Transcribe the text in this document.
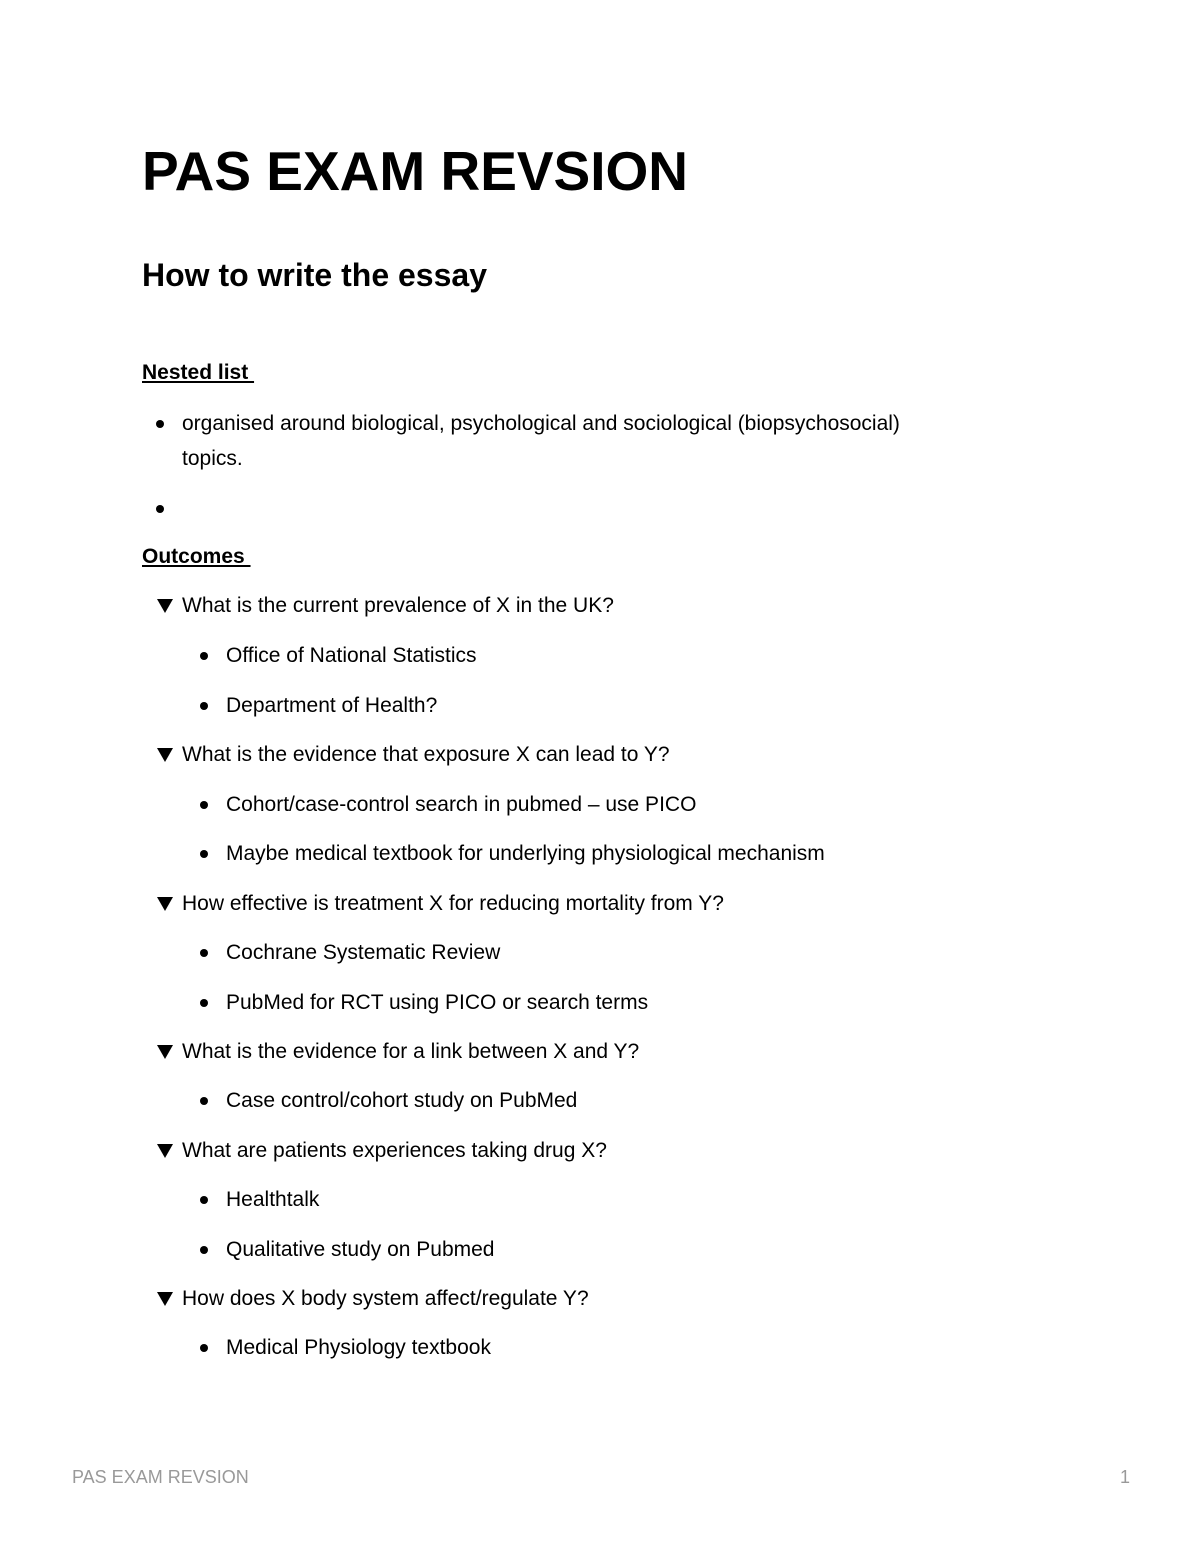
PAS EXAM REVSION
How to write the essay
Nested list
organised around biological, psychological and sociological (biopsychosocial)
topics.
Outcomes
What is the current prevalence of X in the UK?
Office of National Statistics
Department of Health?
What is the evidence that exposure X can lead to Y?
Cohort/case-control search in pubmed – use PICO
Maybe medical textbook for underlying physiological mechanism
How effective is treatment X for reducing mortality from Y?
Cochrane Systematic Review
PubMed for RCT using PICO or search terms
What is the evidence for a link between X and Y?
Case control/cohort study on PubMed
What are patients experiences taking drug X?
Healthtalk
Qualitative study on Pubmed
How does X body system affect/regulate Y?
Medical Physiology textbook
PAS EXAM REVSION	1
